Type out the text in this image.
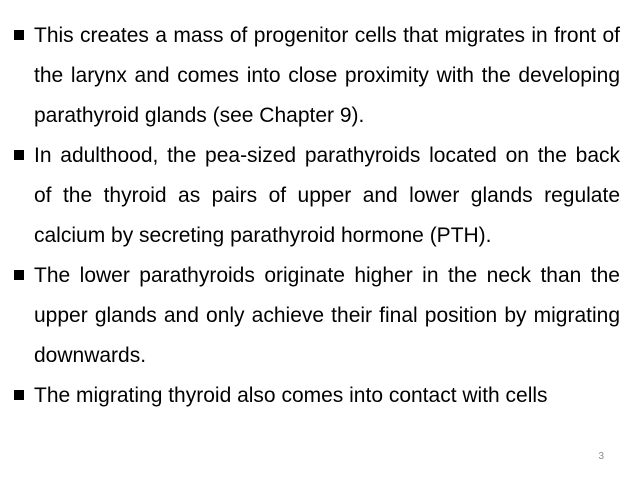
This creates a mass of progenitor cells that migrates in front of the larynx and comes into close proximity with the developing parathyroid glands (see Chapter 9).
In adulthood, the pea-sized parathyroids located on the back of the thyroid as pairs of upper and lower glands regulate calcium by secreting parathyroid hormone (PTH).
The lower parathyroids originate higher in the neck than the upper glands and only achieve their final position by migrating downwards.
The migrating thyroid also comes into contact with cells
3
